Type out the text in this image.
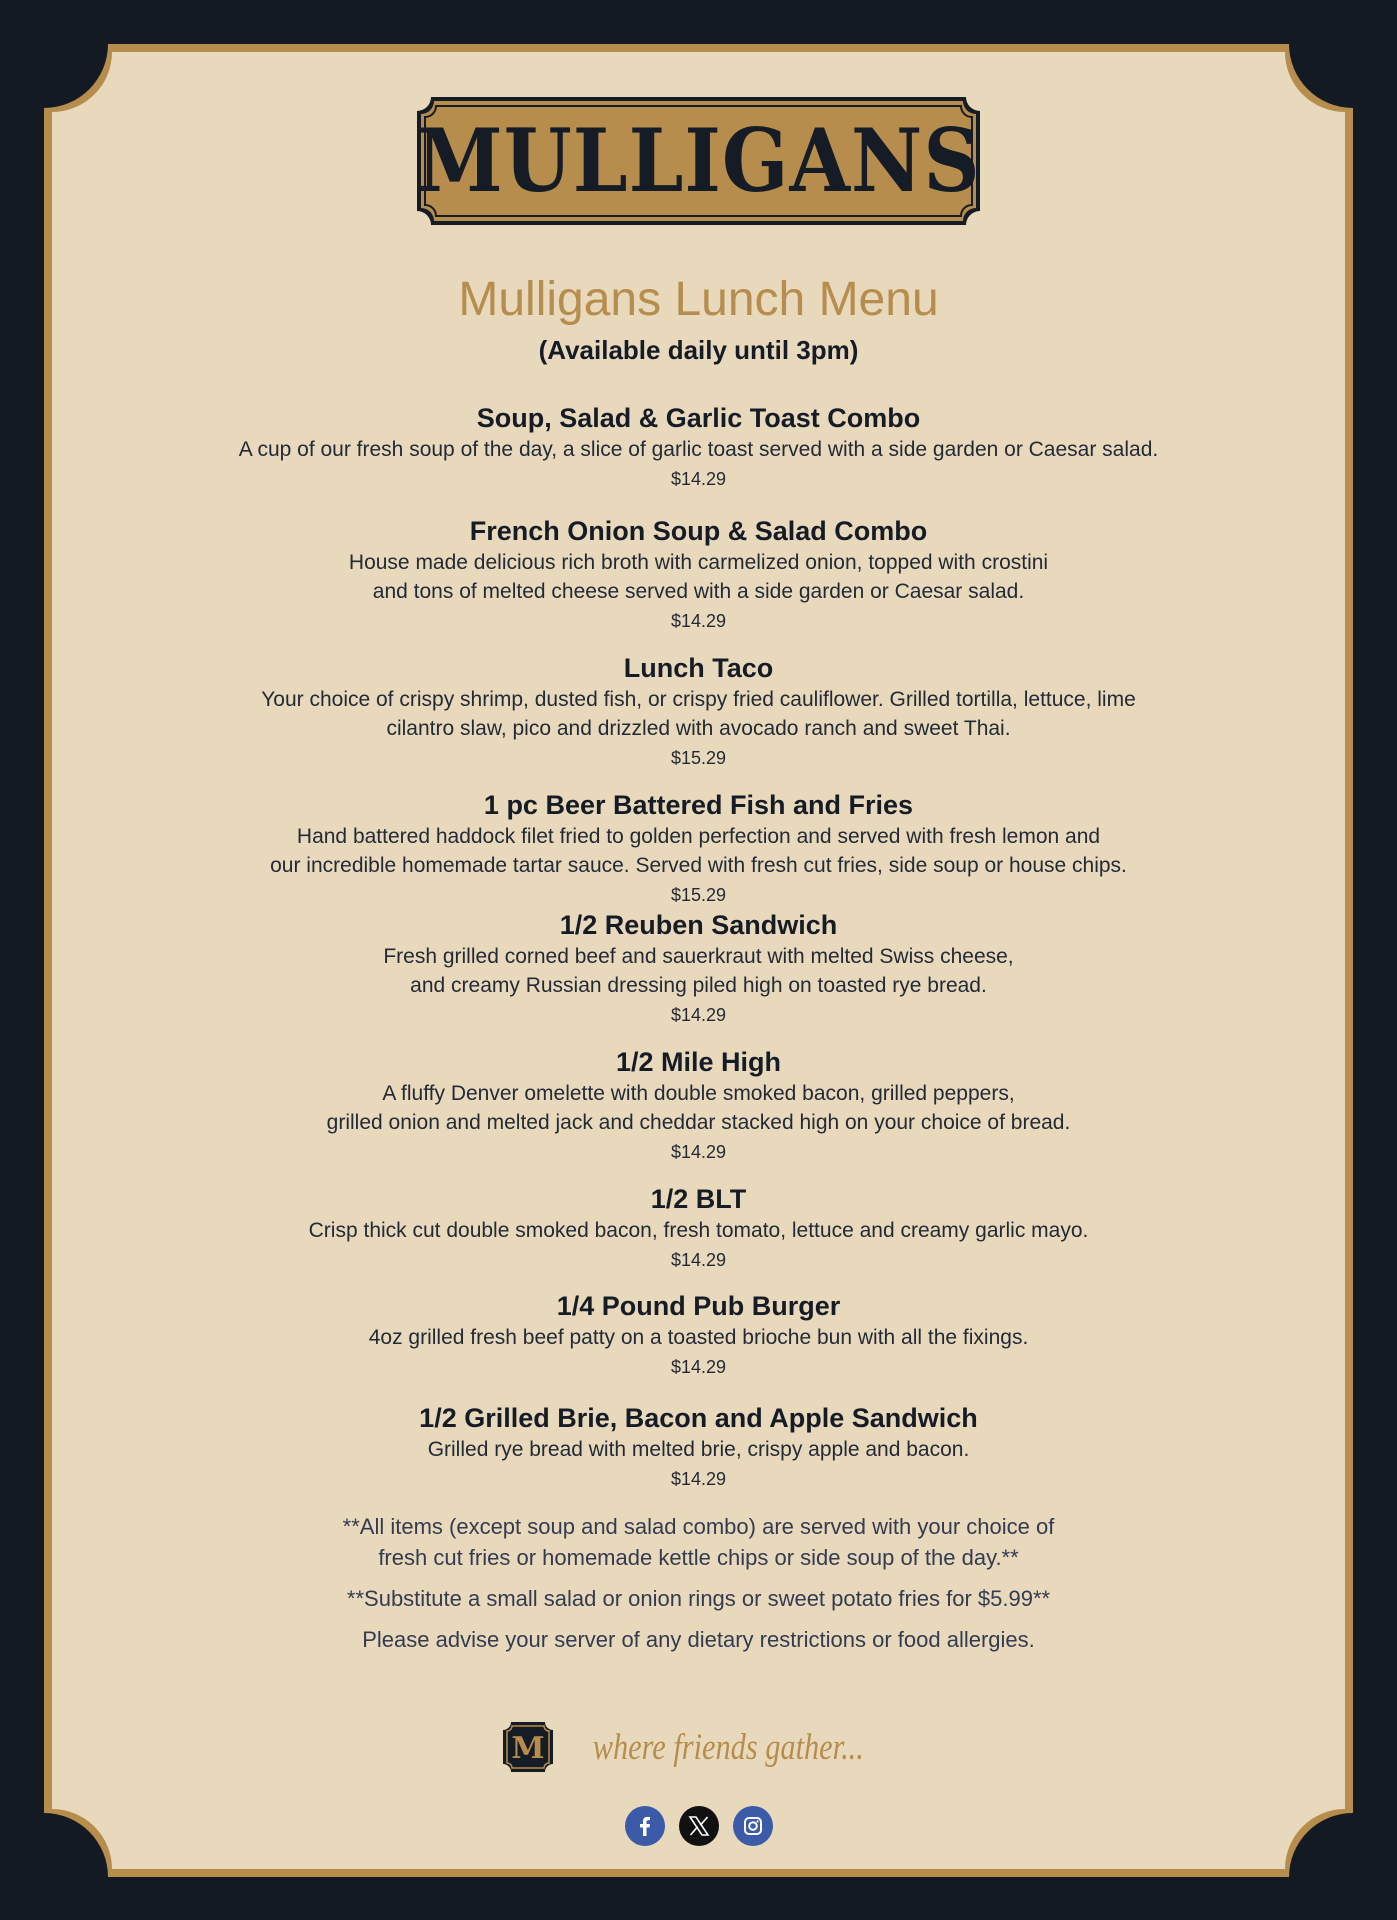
MULLIGANS
Mulligans Lunch Menu
(Available daily until 3pm)
Soup, Salad & Garlic Toast Combo
A cup of our fresh soup of the day, a slice of garlic toast served with a side garden or Caesar salad.
$14.29
French Onion Soup & Salad Combo
House made delicious rich broth with carmelized onion, topped with crostini
and tons of melted cheese served with a side garden or Caesar salad.
$14.29
Lunch Taco
Your choice of crispy shrimp, dusted fish, or crispy fried cauliflower. Grilled tortilla, lettuce, lime
cilantro slaw, pico and drizzled with avocado ranch and sweet Thai.
$15.29
1 pc Beer Battered Fish and Fries
Hand battered haddock filet fried to golden perfection and served with fresh lemon and
our incredible homemade tartar sauce. Served with fresh cut fries, side soup or house chips.
$15.29
1/2 Reuben Sandwich
Fresh grilled corned beef and sauerkraut with melted Swiss cheese,
and creamy Russian dressing piled high on toasted rye bread.
$14.29
1/2 Mile High
A fluffy Denver omelette with double smoked bacon, grilled peppers,
grilled onion and melted jack and cheddar stacked high on your choice of bread.
$14.29
1/2 BLT
Crisp thick cut double smoked bacon, fresh tomato, lettuce and creamy garlic mayo.
$14.29
1/4 Pound Pub Burger
4oz grilled fresh beef patty on a toasted brioche bun with all the fixings.
$14.29
1/2 Grilled Brie, Bacon and Apple Sandwich
Grilled rye bread with melted brie, crispy apple and bacon.
$14.29
**All items (except soup and salad combo) are served with your choice of
fresh cut fries or homemade kettle chips or side soup of the day.**
**Substitute a small salad or onion rings or sweet potato fries for $5.99**
Please advise your server of any dietary restrictions or food allergies.
M where friends gather...
